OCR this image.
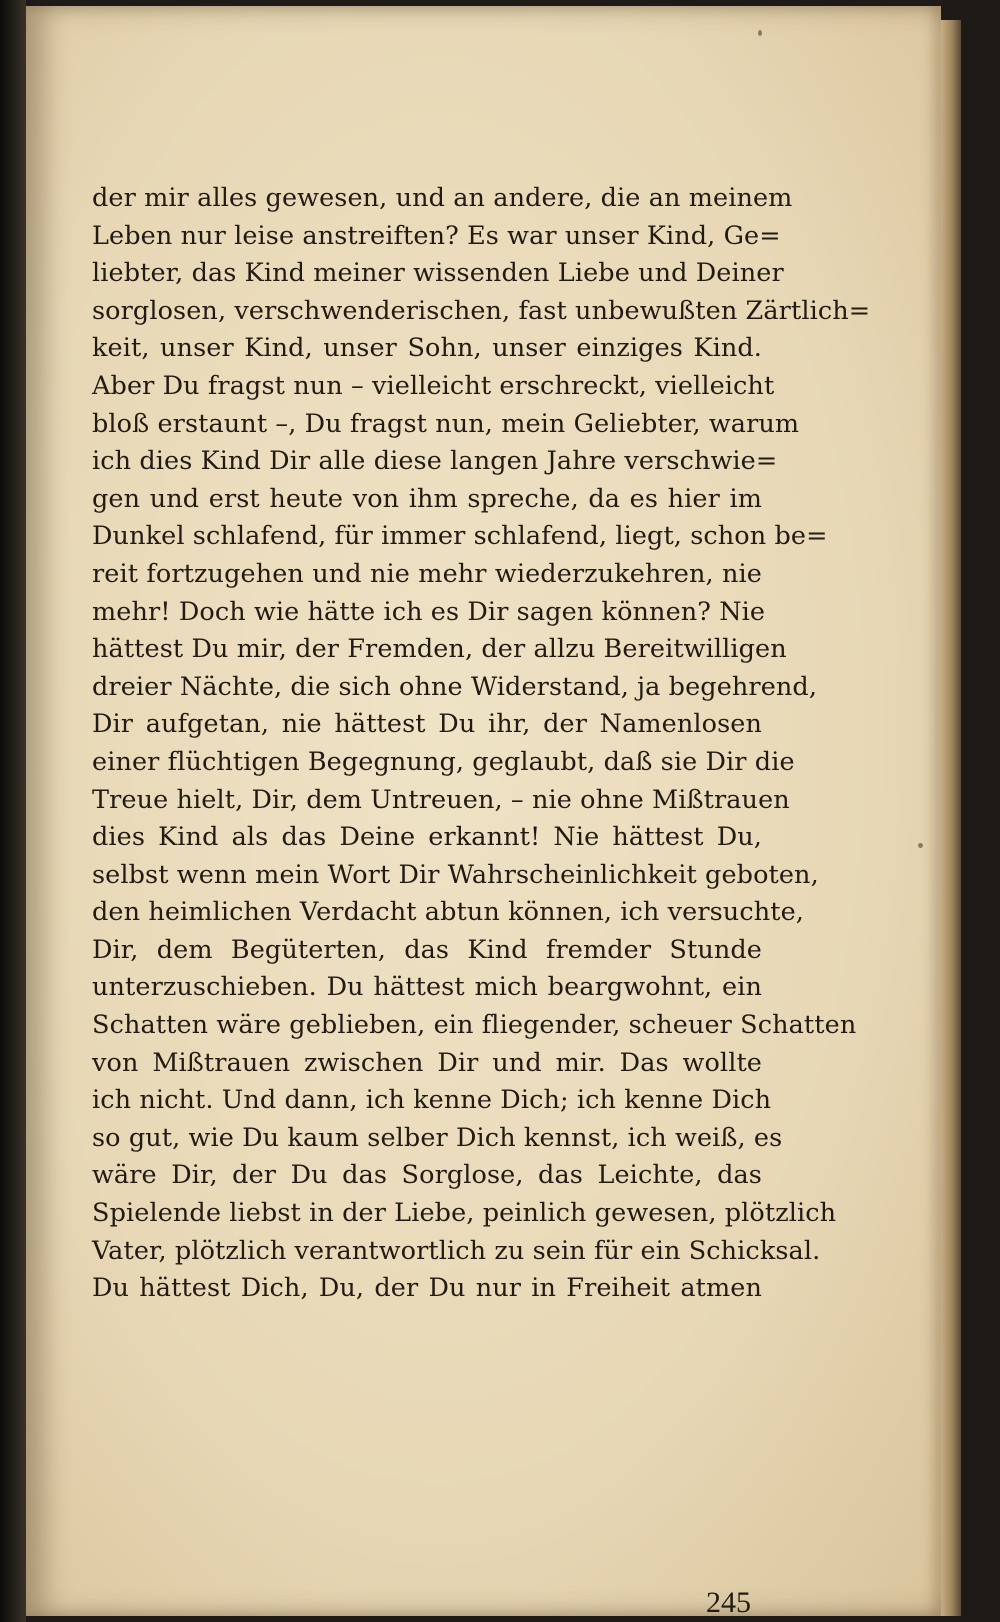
der mir alles gewesen, und an andere, die an meinem
Leben nur leise anstreiften? Es war unser Kind, Ge=
liebter, das Kind meiner wissenden Liebe und Deiner
sorglosen, verschwenderischen, fast unbewußten Zärtlich=
keit, unser Kind, unser Sohn, unser einziges Kind.
Aber Du fragst nun – vielleicht erschreckt, vielleicht
bloß erstaunt –, Du fragst nun, mein Geliebter, warum
ich dies Kind Dir alle diese langen Jahre verschwie=
gen und erst heute von ihm spreche, da es hier im
Dunkel schlafend, für immer schlafend, liegt, schon be=
reit fortzugehen und nie mehr wiederzukehren, nie
mehr! Doch wie hätte ich es Dir sagen können? Nie
hättest Du mir, der Fremden, der allzu Bereitwilligen
dreier Nächte, die sich ohne Widerstand, ja begehrend,
Dir aufgetan, nie hättest Du ihr, der Namenlosen
einer flüchtigen Begegnung, geglaubt, daß sie Dir die
Treue hielt, Dir, dem Untreuen, – nie ohne Mißtrauen
dies Kind als das Deine erkannt! Nie hättest Du,
selbst wenn mein Wort Dir Wahrscheinlichkeit geboten,
den heimlichen Verdacht abtun können, ich versuchte,
Dir, dem Begüterten, das Kind fremder Stunde
unterzuschieben. Du hättest mich beargwohnt, ein
Schatten wäre geblieben, ein fliegender, scheuer Schatten
von Mißtrauen zwischen Dir und mir. Das wollte
ich nicht. Und dann, ich kenne Dich; ich kenne Dich
so gut, wie Du kaum selber Dich kennst, ich weiß, es
wäre Dir, der Du das Sorglose, das Leichte, das
Spielende liebst in der Liebe, peinlich gewesen, plötzlich
Vater, plötzlich verantwortlich zu sein für ein Schicksal.
Du hättest Dich, Du, der Du nur in Freiheit atmen
245
